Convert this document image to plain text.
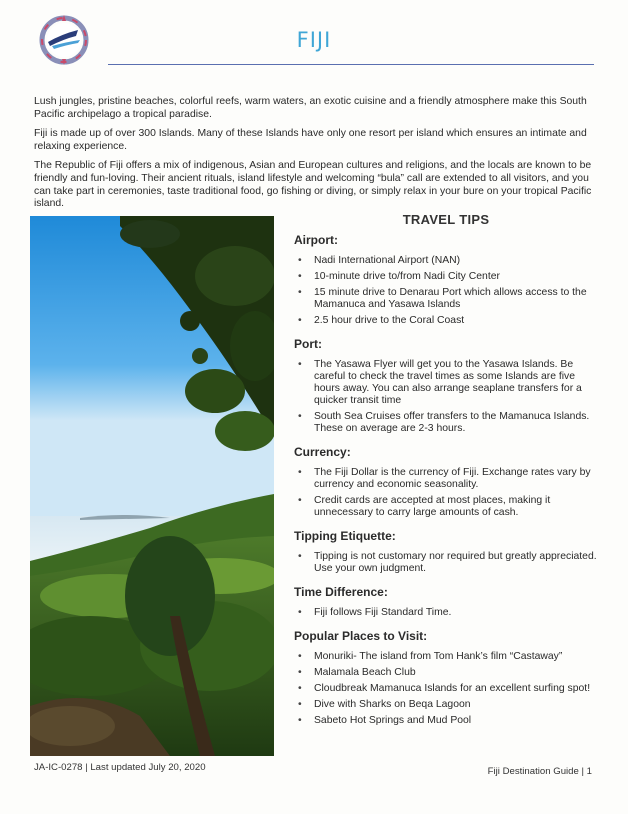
FIJI

Lush jungles, pristine beaches, colorful reefs, warm waters, an exotic cuisine and a friendly atmosphere make this South Pacific archipelago a tropical paradise.

Fiji is made up of over 300 Islands. Many of these Islands have only one resort per island which ensures an intimate and relaxing experience.

The Republic of Fiji offers a mix of indigenous, Asian and European cultures and religions, and the locals are known to be friendly and fun-loving. Their ancient rituals, island lifestyle and welcoming “bula” call are extended to all visitors, and you can take part in ceremonies, taste traditional food, go fishing or diving, or simply relax in your bure on your tropical Pacific island.

TRAVEL TIPS
Airport:
• Nadi International Airport (NAN)
• 10-minute drive to/from Nadi City Center
• 15 minute drive to Denarau Port which allows access to the Mamanuca and Yasawa Islands
• 2.5 hour drive to the Coral Coast
Port:
• The Yasawa Flyer will get you to the Yasawa Islands. Be careful to check the travel times as some Islands are five hours away. You can also arrange seaplane transfers for a quicker transit time
• South Sea Cruises offer transfers to the Mamanuca Islands. These on average are 2-3 hours.
Currency:
• The Fiji Dollar is the currency of Fiji. Exchange rates vary by currency and economic seasonality.
• Credit cards are accepted at most places, making it unnecessary to carry large amounts of cash.
Tipping Etiquette:
• Tipping is not customary nor required but greatly appreciated. Use your own judgment.
Time Difference:
• Fiji follows Fiji Standard Time.
Popular Places to Visit:
• Monuriki- The island from Tom Hank’s film “Castaway”
• Malamala Beach Club
• Cloudbreak Mamanuca Islands for an excellent surfing spot!
• Dive with Sharks on Beqa Lagoon
• Sabeto Hot Springs and Mud Pool
JA-IC-0278 | Last updated July 20, 2020	Fiji Destination Guide | 1
